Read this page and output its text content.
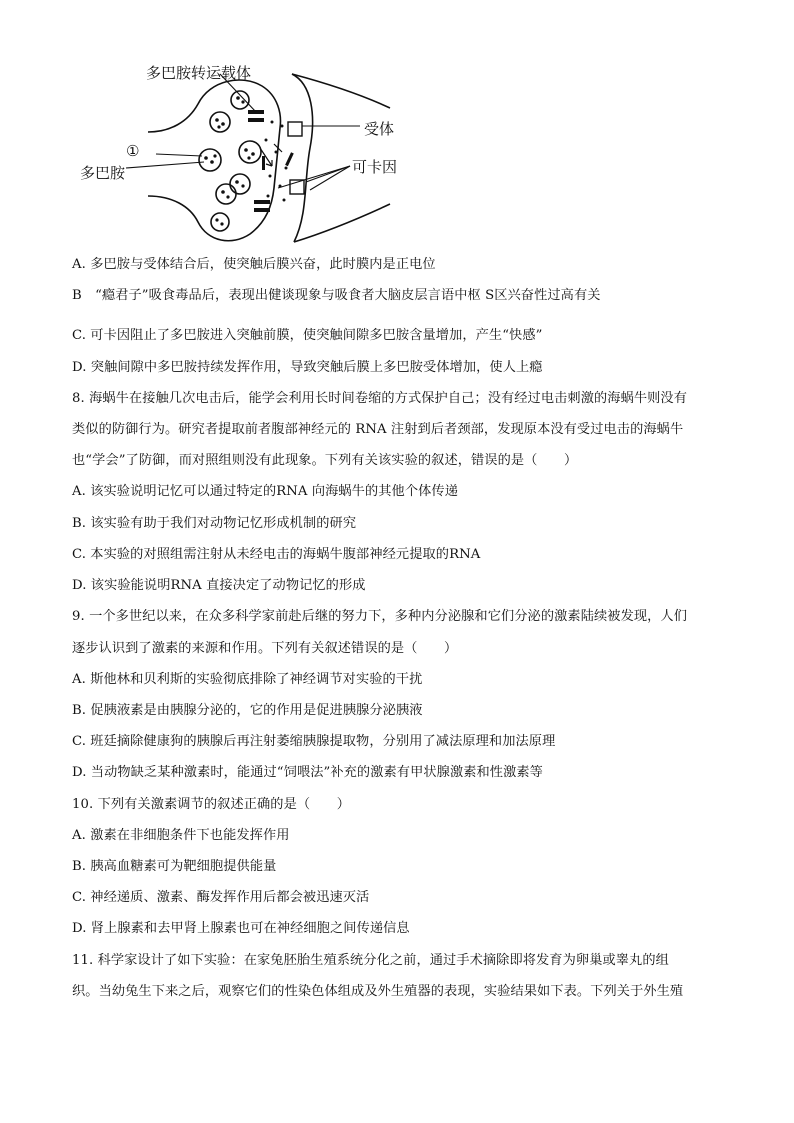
多巴胺转运载体
受体
①
多巴胺	可卡因
A. 多巴胺与受体结合后，使突触后膜兴奋，此时膜内是正电位
B　“瘾君子”吸食毒品后，表现出健谈现象与吸食者大脑皮层言语中枢 S区兴奋性过高有关
C. 可卡因阻止了多巴胺进入突触前膜，使突触间隙多巴胺含量增加，产生“快感”
D. 突触间隙中多巴胺持续发挥作用，导致突触后膜上多巴胺受体增加，使人上瘾
8. 海蜗牛在接触几次电击后，能学会利用长时间卷缩的方式保护自己；没有经过电击刺激的海蜗牛则没有
类似的防御行为。研究者提取前者腹部神经元的 RNA 注射到后者颈部，发现原本没有受过电击的海蜗牛
也“学会”了防御，而对照组则没有此现象。下列有关该实验的叙述，错误的是（　　）
A. 该实验说明记忆可以通过特定的RNA 向海蜗牛的其他个体传递
B. 该实验有助于我们对动物记忆形成机制的研究
C. 本实验的对照组需注射从未经电击的海蜗牛腹部神经元提取的RNA
D. 该实验能说明RNA 直接决定了动物记忆的形成
9. 一个多世纪以来，在众多科学家前赴后继的努力下，多种内分泌腺和它们分泌的激素陆续被发现，人们
逐步认识到了激素的来源和作用。下列有关叙述错误的是（　　）
A. 斯他林和贝利斯的实验彻底排除了神经调节对实验的干扰
B. 促胰液素是由胰腺分泌的，它的作用是促进胰腺分泌胰液
C. 班廷摘除健康狗的胰腺后再注射萎缩胰腺提取物，分别用了减法原理和加法原理
D. 当动物缺乏某种激素时，能通过“饲喂法”补充的激素有甲状腺激素和性激素等
10. 下列有关激素调节的叙述正确的是（　　）
A. 激素在非细胞条件下也能发挥作用
B. 胰高血糖素可为靶细胞提供能量
C. 神经递质、激素、酶发挥作用后都会被迅速灭活
D. 肾上腺素和去甲肾上腺素也可在神经细胞之间传递信息
11. 科学家设计了如下实验：在家兔胚胎生殖系统分化之前，通过手术摘除即将发育为卵巢或睾丸的组
织。当幼兔生下来之后，观察它们的性染色体组成及外生殖器的表现，实验结果如下表。下列关于外生殖
